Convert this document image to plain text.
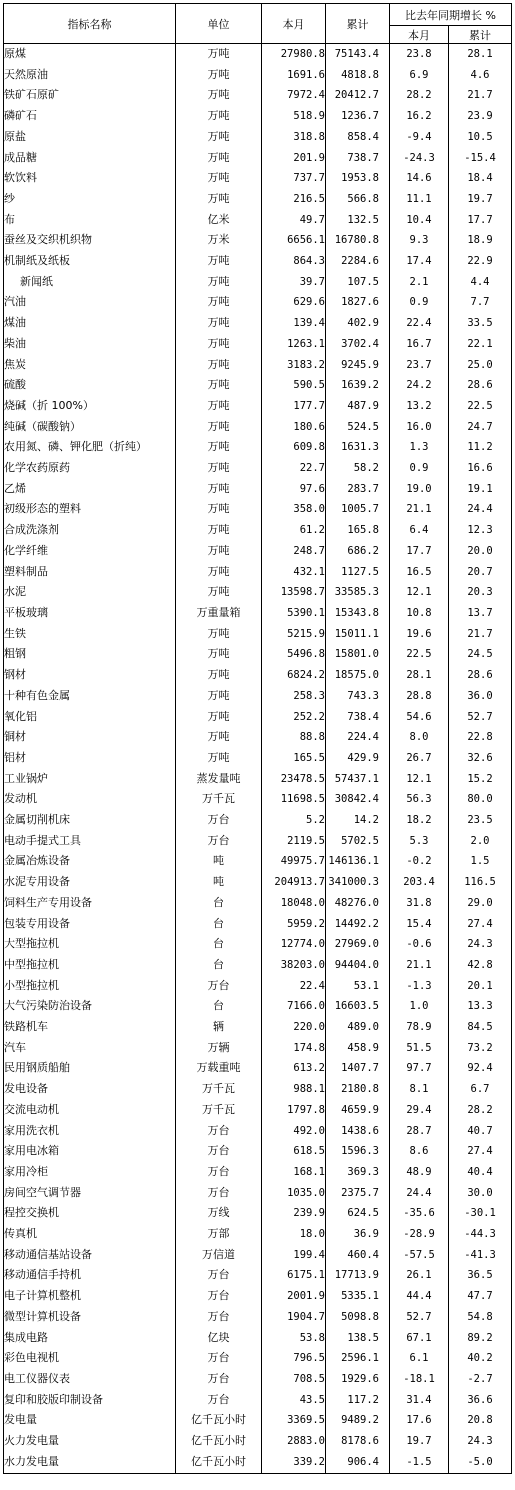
指标名称	单位	本月	累计	比去年同期增长 %	
				本月	累计
原煤	万吨	27980.8	75143.4	23.8	28.1
天然原油	万吨	1691.6	4818.8	6.9	4.6
铁矿石原矿	万吨	7972.4	20412.7	28.2	21.7
磷矿石	万吨	518.9	1236.7	16.2	23.9
原盐	万吨	318.8	858.4	-9.4	10.5
成品糖	万吨	201.9	738.7	-24.3	-15.4
软饮料	万吨	737.7	1953.8	14.6	18.4
纱	万吨	216.5	566.8	11.1	19.7
布	亿米	49.7	132.5	10.4	17.7
蚕丝及交织机织物	万米	6656.1	16780.8	9.3	18.9
机制纸及纸板	万吨	864.3	2284.6	17.4	22.9
新闻纸	万吨	39.7	107.5	2.1	4.4
汽油	万吨	629.6	1827.6	0.9	7.7
煤油	万吨	139.4	402.9	22.4	33.5
柴油	万吨	1263.1	3702.4	16.7	22.1
焦炭	万吨	3183.2	9245.9	23.7	25.0
硫酸	万吨	590.5	1639.2	24.2	28.6
烧碱（折 100%）	万吨	177.7	487.9	13.2	22.5
纯碱（碳酸钠）	万吨	180.6	524.5	16.0	24.7
农用氮、磷、钾化肥（折纯）	万吨	609.8	1631.3	1.3	11.2
化学农药原药	万吨	22.7	58.2	0.9	16.6
乙烯	万吨	97.6	283.7	19.0	19.1
初级形态的塑料	万吨	358.0	1005.7	21.1	24.4
合成洗涤剂	万吨	61.2	165.8	6.4	12.3
化学纤维	万吨	248.7	686.2	17.7	20.0
塑料制品	万吨	432.1	1127.5	16.5	20.7
水泥	万吨	13598.7	33585.3	12.1	20.3
平板玻璃	万重量箱	5390.1	15343.8	10.8	13.7
生铁	万吨	5215.9	15011.1	19.6	21.7
粗钢	万吨	5496.8	15801.0	22.5	24.5
钢材	万吨	6824.2	18575.0	28.1	28.6
十种有色金属	万吨	258.3	743.3	28.8	36.0
氧化铝	万吨	252.2	738.4	54.6	52.7
铜材	万吨	88.8	224.4	8.0	22.8
铝材	万吨	165.5	429.9	26.7	32.6
工业锅炉	蒸发量吨	23478.5	57437.1	12.1	15.2
发动机	万千瓦	11698.5	30842.4	56.3	80.0
金属切削机床	万台	5.2	14.2	18.2	23.5
电动手提式工具	万台	2119.5	5702.5	5.3	2.0
金属冶炼设备	吨	49975.7	146136.1	-0.2	1.5
水泥专用设备	吨	204913.7	341000.3	203.4	116.5
饲料生产专用设备	台	18048.0	48276.0	31.8	29.0
包装专用设备	台	5959.2	14492.2	15.4	27.4
大型拖拉机	台	12774.0	27969.0	-0.6	24.3
中型拖拉机	台	38203.0	94404.0	21.1	42.8
小型拖拉机	万台	22.4	53.1	-1.3	20.1
大气污染防治设备	台	7166.0	16603.5	1.0	13.3
铁路机车	辆	220.0	489.0	78.9	84.5
汽车	万辆	174.8	458.9	51.5	73.2
民用钢质船舶	万载重吨	613.2	1407.7	97.7	92.4
发电设备	万千瓦	988.1	2180.8	8.1	6.7
交流电动机	万千瓦	1797.8	4659.9	29.4	28.2
家用洗衣机	万台	492.0	1438.6	28.7	40.7
家用电冰箱	万台	618.5	1596.3	8.6	27.4
家用冷柜	万台	168.1	369.3	48.9	40.4
房间空气调节器	万台	1035.0	2375.7	24.4	30.0
程控交换机	万线	239.9	624.5	-35.6	-30.1
传真机	万部	18.0	36.9	-28.9	-44.3
移动通信基站设备	万信道	199.4	460.4	-57.5	-41.3
移动通信手持机	万台	6175.1	17713.9	26.1	36.5
电子计算机整机	万台	2001.9	5335.1	44.4	47.7
微型计算机设备	万台	1904.7	5098.8	52.7	54.8
集成电路	亿块	53.8	138.5	67.1	89.2
彩色电视机	万台	796.5	2596.1	6.1	40.2
电工仪器仪表	万台	708.5	1929.6	-18.1	-2.7
复印和胶版印制设备	万台	43.5	117.2	31.4	36.6
发电量	亿千瓦小时	3369.5	9489.2	17.6	20.8
火力发电量	亿千瓦小时	2883.0	8178.6	19.7	24.3
水力发电量	亿千瓦小时	339.2	906.4	-1.5	-5.0
